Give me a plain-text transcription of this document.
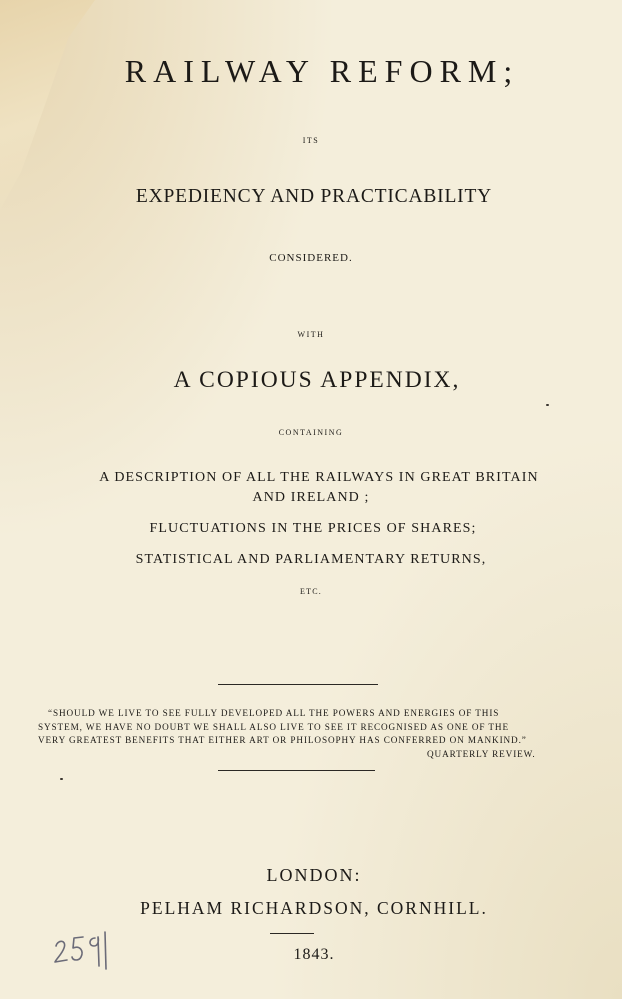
RAILWAY REFORM;

ITS

EXPEDIENCY AND PRACTICABILITY

CONSIDERED.

WITH

A COPIOUS APPENDIX,

CONTAINING

A DESCRIPTION OF ALL THE RAILWAYS IN GREAT BRITAIN

AND IRELAND ;

FLUCTUATIONS IN THE PRICES OF SHARES;

STATISTICAL AND PARLIAMENTARY RETURNS,

ETC.

“SHOULD WE LIVE TO SEE FULLY DEVELOPED ALL THE POWERS AND ENERGIES OF THIS

SYSTEM, WE HAVE NO DOUBT WE SHALL ALSO LIVE TO SEE IT RECOGNISED AS ONE OF THE

VERY GREATEST BENEFITS THAT EITHER ART OR PHILOSOPHY HAS CONFERRED ON MANKIND.”

QUARTERLY REVIEW.

LONDON:

PELHAM RICHARDSON, CORNHILL.

1843.
